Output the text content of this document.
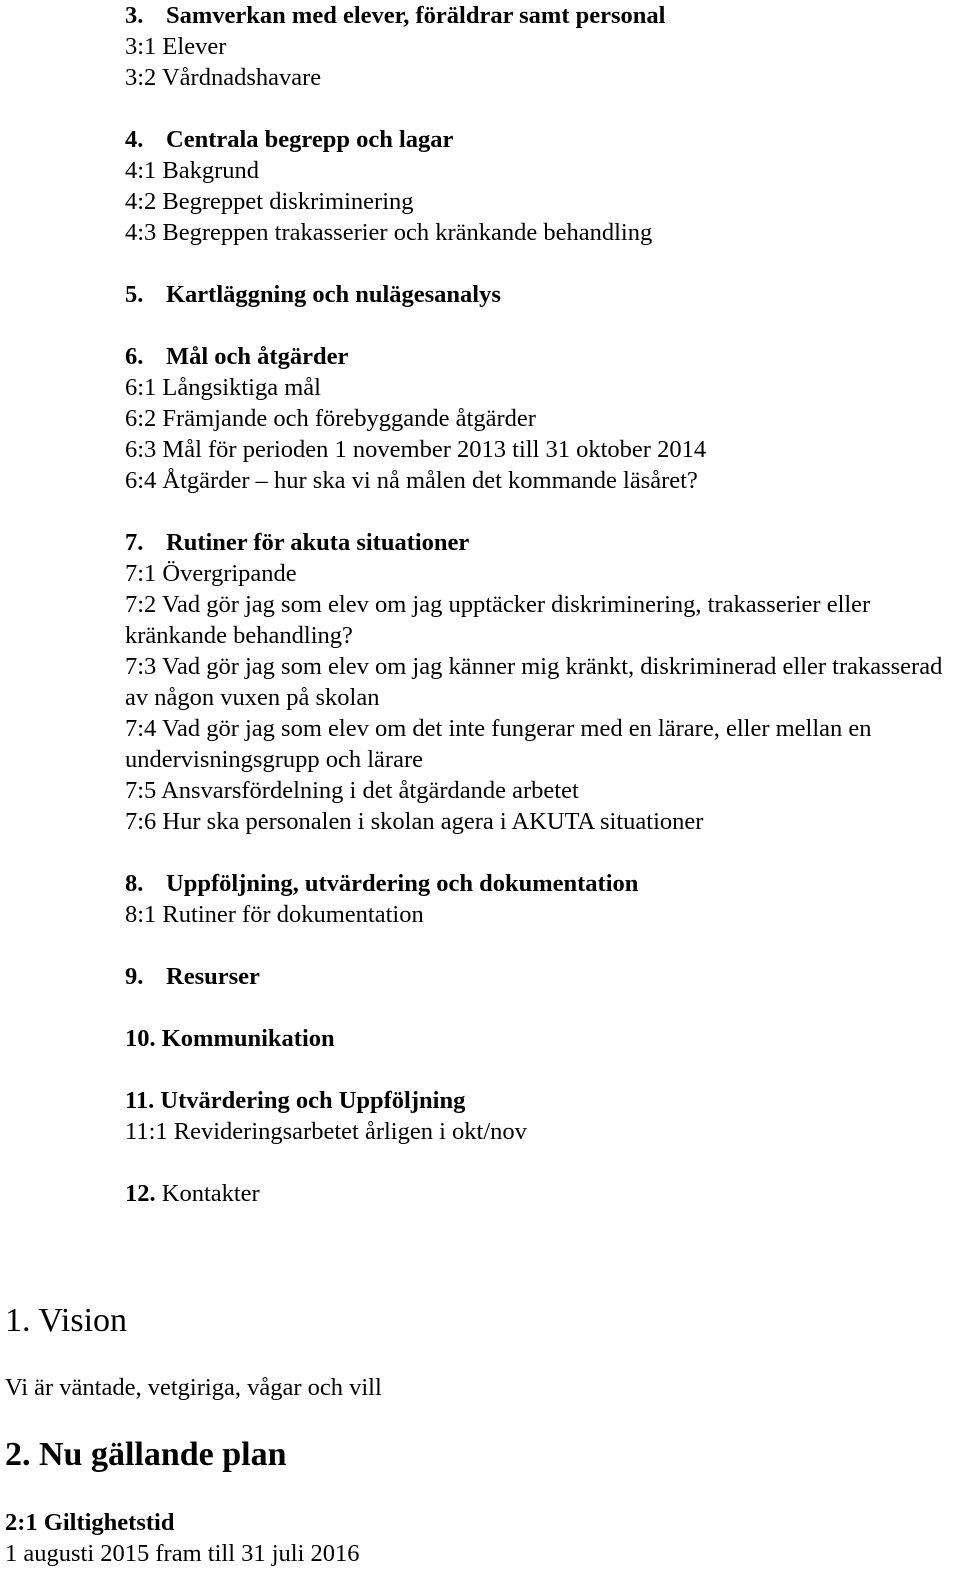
3. Samverkan med elever, föräldrar samt personal
3:1 Elever
3:2 Vårdnadshavare
4. Centrala begrepp och lagar
4:1 Bakgrund
4:2 Begreppet diskriminering
4:3 Begreppen trakasserier och kränkande behandling
5. Kartläggning och nulägesanalys
6. Mål och åtgärder
6:1 Långsiktiga mål
6:2 Främjande och förebyggande åtgärder
6:3 Mål för perioden 1 november 2013 till 31 oktober 2014
6:4 Åtgärder – hur ska vi nå målen det kommande läsåret?
7. Rutiner för akuta situationer
7:1 Övergripande
7:2 Vad gör jag som elev om jag upptäcker diskriminering, trakasserier eller kränkande behandling?
7:3 Vad gör jag som elev om jag känner mig kränkt, diskriminerad eller trakasserad av någon vuxen på skolan
7:4 Vad gör jag som elev om det inte fungerar med en lärare, eller mellan en undervisningsgrupp och lärare
7:5 Ansvarsfördelning i det åtgärdande arbetet
7:6 Hur ska personalen i skolan agera i AKUTA situationer
8. Uppföljning, utvärdering och dokumentation
8:1 Rutiner för dokumentation
9. Resurser
10. Kommunikation
11. Utvärdering och Uppföljning
11:1 Revideringsarbetet årligen i okt/nov
12. Kontakter
1. Vision
Vi är väntade, vetgiriga, vågar och vill
2. Nu gällande plan
2:1 Giltighetstid
1 augusti 2015 fram till 31 juli 2016
